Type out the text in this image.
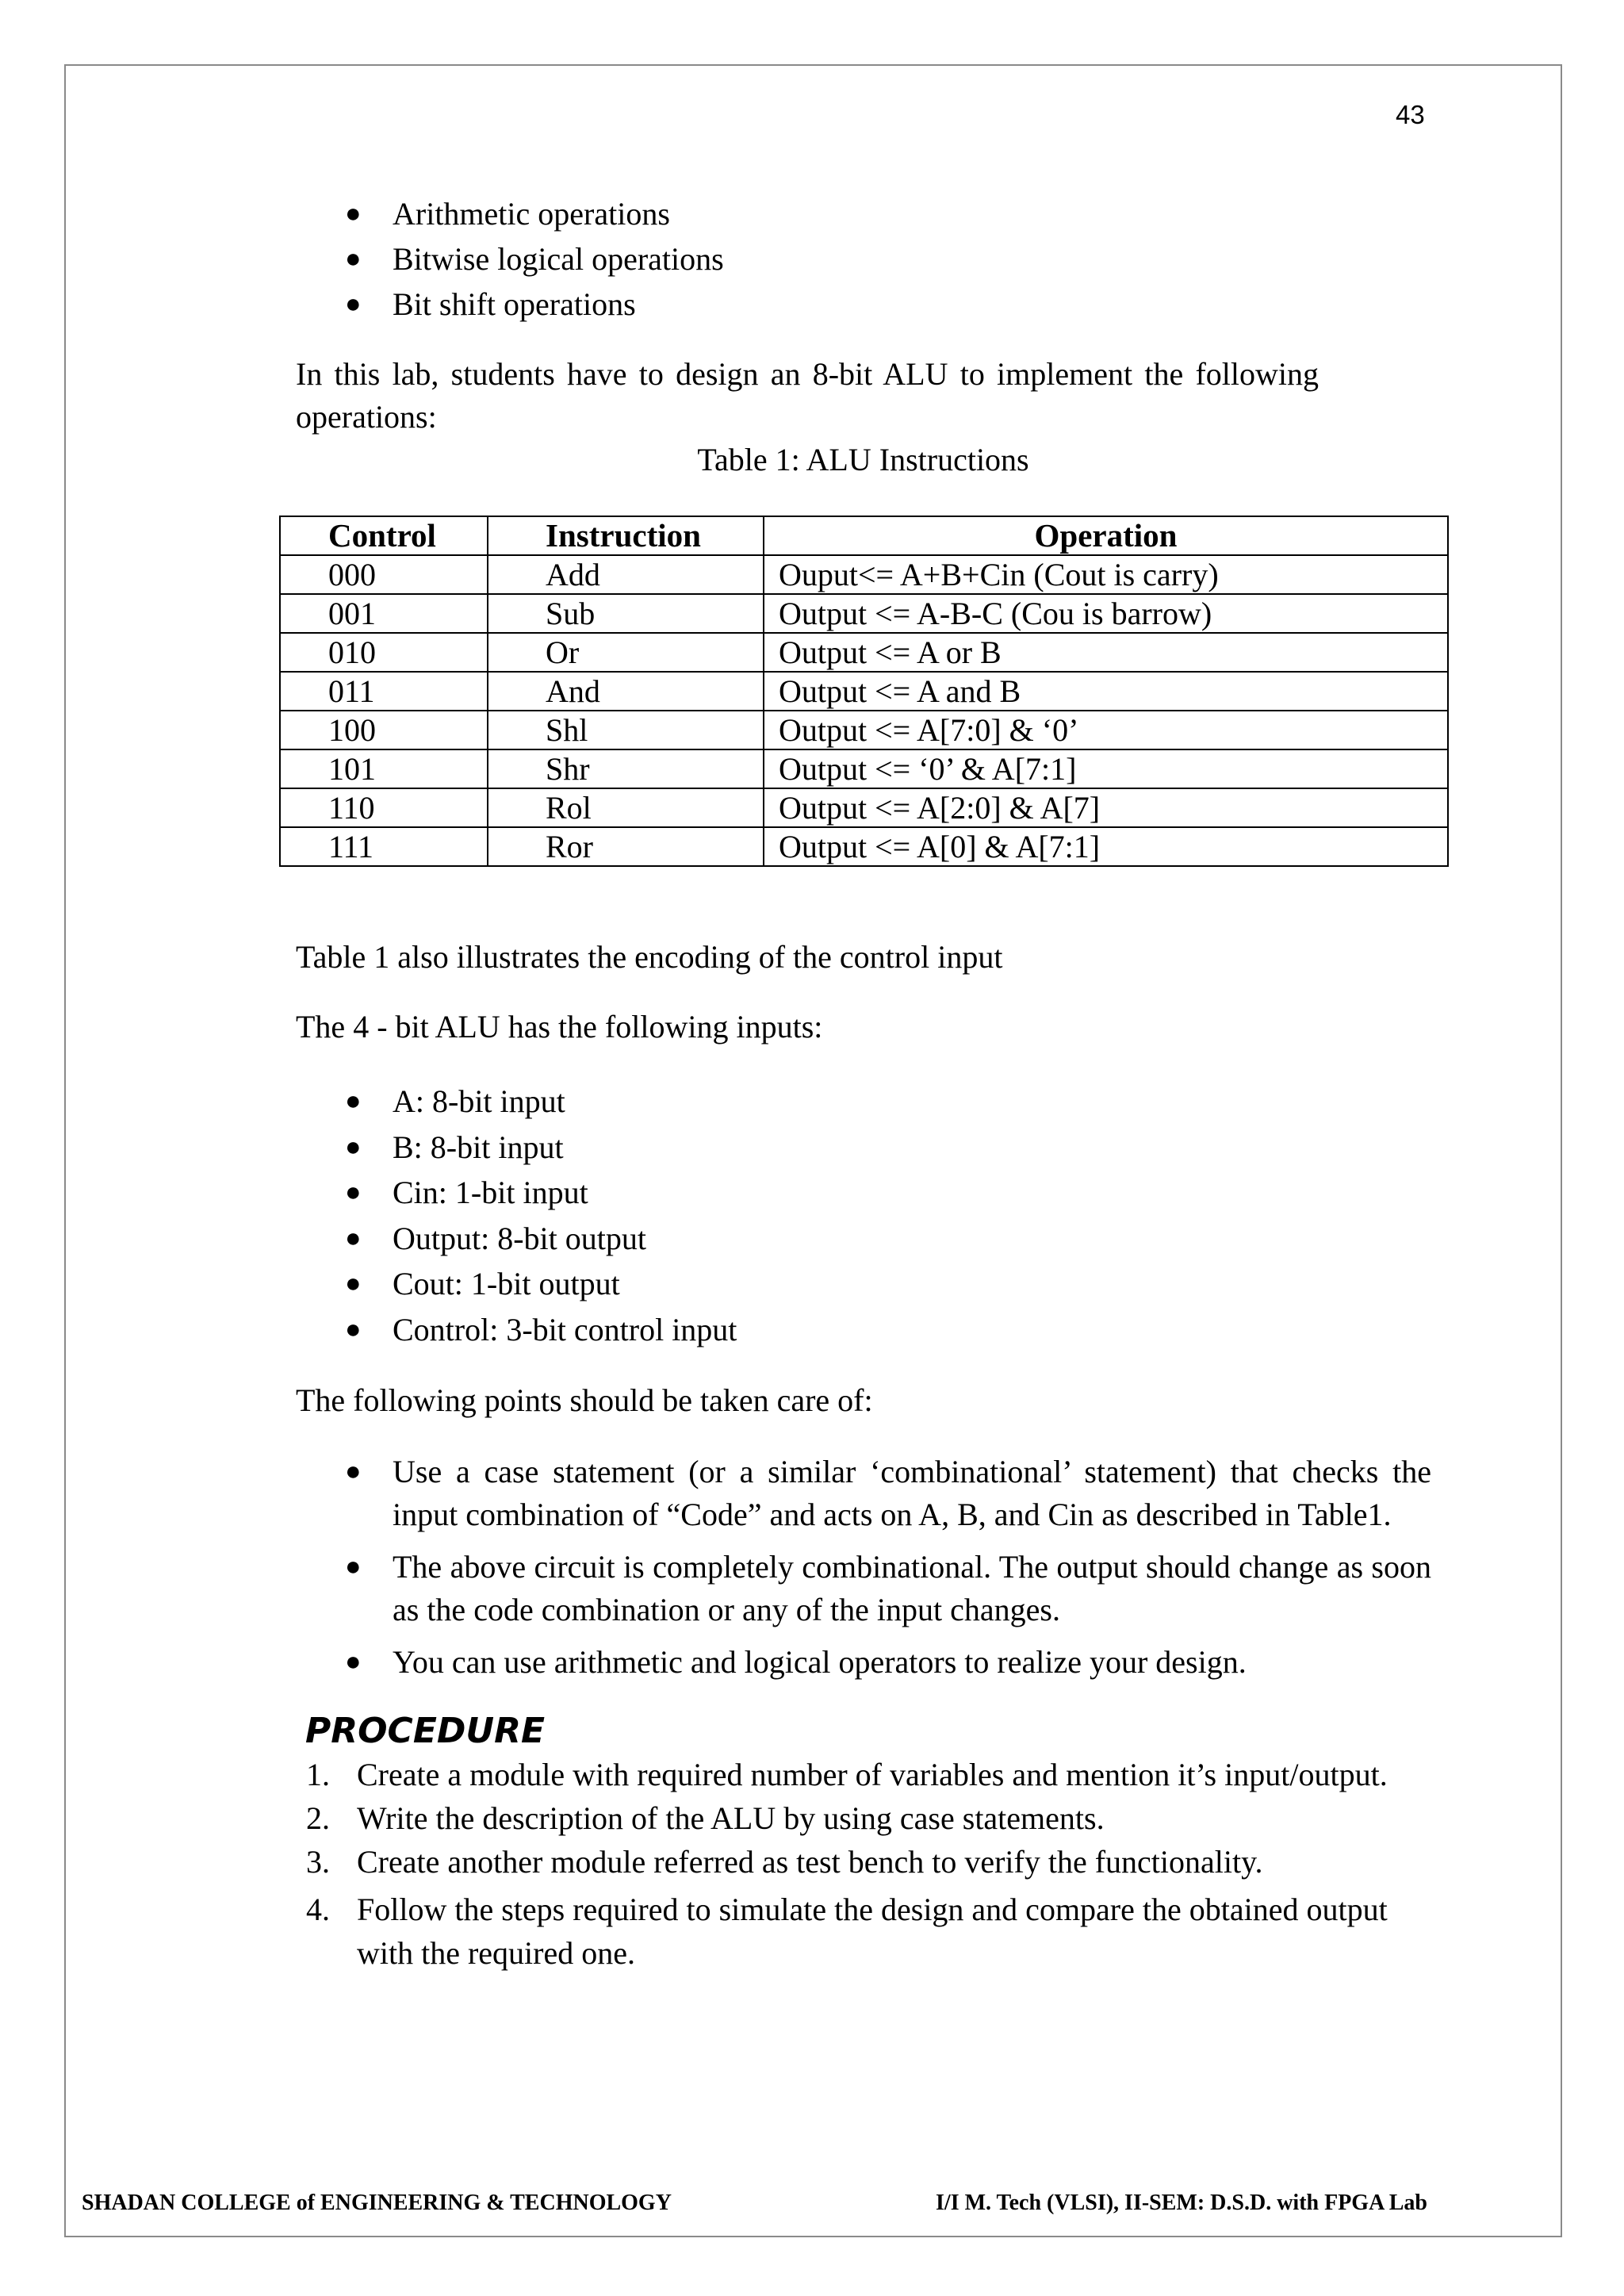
43
● Arithmetic operations
● Bitwise logical operations
● Bit shift operations

In this lab, students have to design an 8-bit ALU to implement the following operations:

Table 1: ALU Instructions
Control	Instruction	Operation
000	Add	Ouput<= A+B+Cin (Cout is carry)
001	Sub	Output <= A-B-C (Cou is barrow)
010	Or	Output <= A or B
011	And	Output <= A and B
100	Shl	Output <= A[7:0] & ‘0’
101	Shr	Output <= ‘0’ & A[7:1]
110	Rol	Output <= A[2:0] & A[7]
111	Ror	Output <= A[0] & A[7:1]

Table 1 also illustrates the encoding of the control input

The 4 - bit ALU has the following inputs:

● A: 8-bit input
● B: 8-bit input
● Cin: 1-bit input
● Output: 8-bit output
● Cout: 1-bit output
● Control: 3-bit control input

The following points should be taken care of:

● Use a case statement (or a similar ‘combinational’ statement) that checks the input combination of “Code” and acts on A, B, and Cin as described in Table1.
● The above circuit is completely combinational. The output should change as soon as the code combination or any of the input changes.
● You can use arithmetic and logical operators to realize your design.
PROCEDURE
1. Create a module with required number of variables and mention it’s input/output.
2. Write the description of the ALU by using case statements.
3. Create another module referred as test bench to verify the functionality.
4. Follow the steps required to simulate the design and compare the obtained output with the required one.
SHADAN COLLEGE of ENGINEERING & TECHNOLOGY	I/I M. Tech (VLSI), II-SEM: D.S.D. with FPGA Lab
